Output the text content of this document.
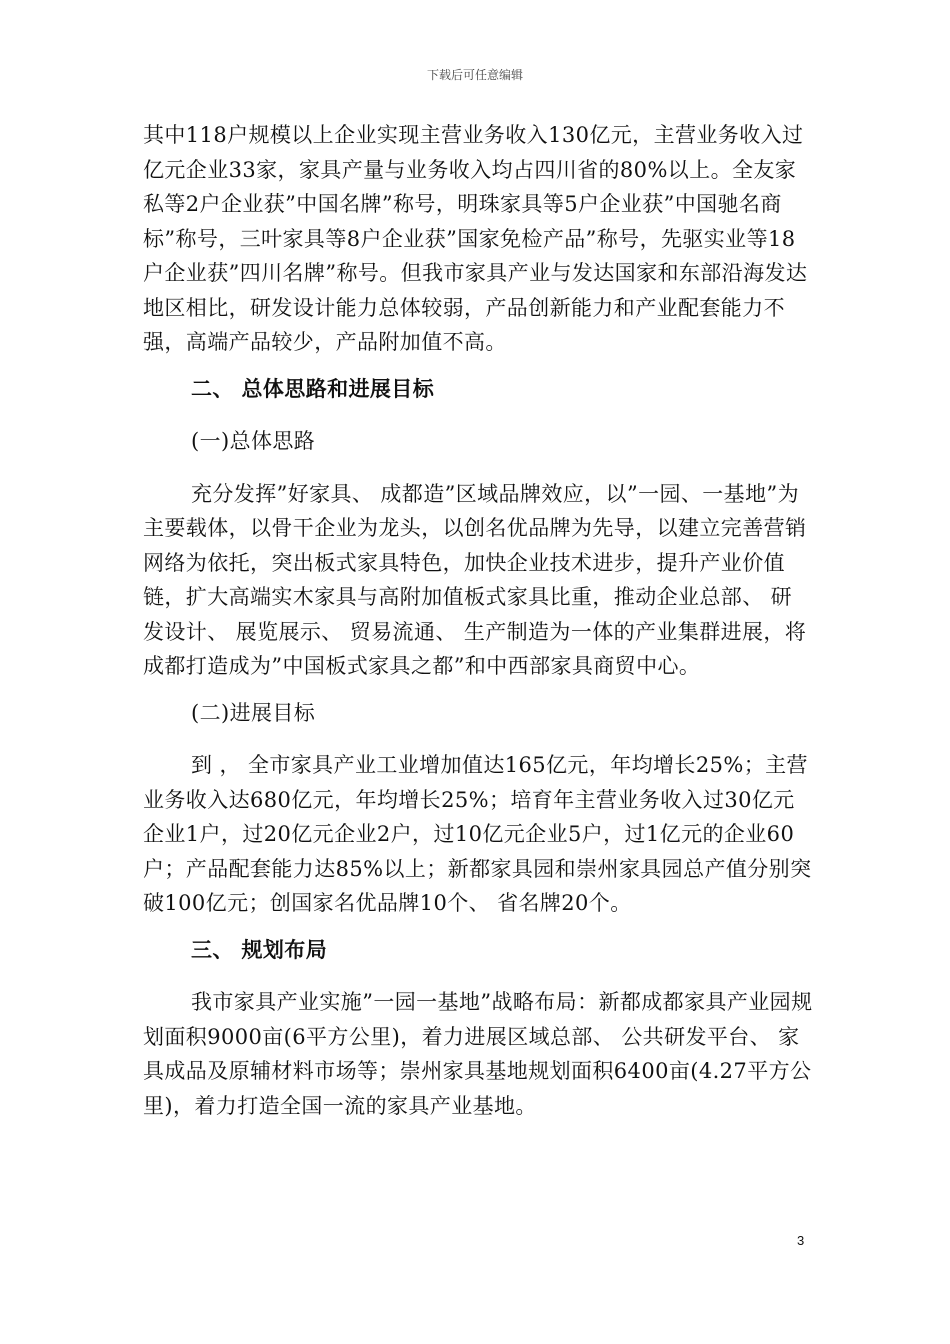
下载后可任意编辑

其中118户规模以上企业实现主营业务收入130亿元，主营业务收入过亿元企业33家，家具产量与业务收入均占四川省的80%以上。全友家私等2户企业获”中国名牌”称号，明珠家具等5户企业获”中国驰名商标”称号，三叶家具等8户企业获”国家免检产品”称号，先驱实业等18户企业获”四川名牌”称号。但我市家具产业与发达国家和东部沿海发达地区相比，研发设计能力总体较弱，产品创新能力和产业配套能力不强，高端产品较少，产品附加值不高。

二、 总体思路和进展目标

(一)总体思路

充分发挥”好家具、 成都造”区域品牌效应，以”一园、一基地”为主要载体，以骨干企业为龙头，以创名优品牌为先导，以建立完善营销网络为依托，突出板式家具特色，加快企业技术进步，提升产业价值链，扩大高端实木家具与高附加值板式家具比重，推动企业总部、 研发设计、 展览展示、 贸易流通、 生产制造为一体的产业集群进展，将成都打造成为”中国板式家具之都”和中西部家具商贸中心。

(二)进展目标

到 ， 全市家具产业工业增加值达165亿元，年均增长25%；主营业务收入达680亿元，年均增长25%；培育年主营业务收入过30亿元企业1户，过20亿元企业2户，过10亿元企业5户，过1亿元的企业60户；产品配套能力达85%以上；新都家具园和崇州家具园总产值分别突破100亿元；创国家名优品牌10个、 省名牌20个。

三、 规划布局

我市家具产业实施”一园一基地”战略布局：新都成都家具产业园规划面积9000亩(6平方公里)，着力进展区域总部、 公共研发平台、 家具成品及原辅材料市场等；崇州家具基地规划面积6400亩(4.27平方公里)，着力打造全国一流的家具产业基地。

3
